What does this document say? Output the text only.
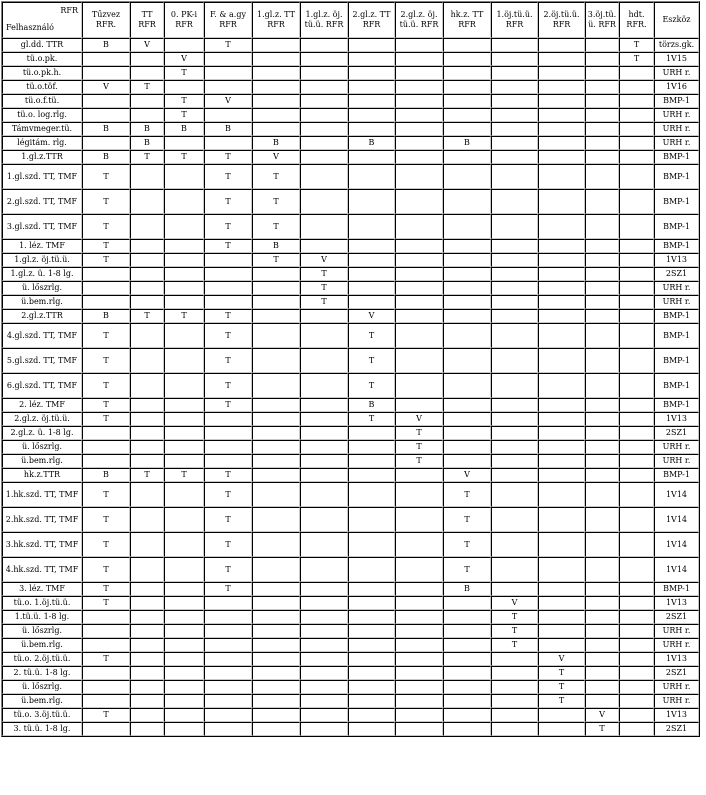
RFR
Felhasználó	Tűzvez RFR.	TT RFR	0. PK-i RFR	F. & a.gy RFR	1.gl.z. TT RFR	1.gl.z. öj. tü.ü. RFR	2.gl.z. TT RFR	2.gl.z. öj. tü.ü. RFR	hk.z. TT RFR	1.öj.tü.ü. RFR	2.öj.tü.ü. RFR	3.öj.tü. ü. RFR	hdt. RFR.	Eszköz
gl.dd. TTR	B	V		T									T	törzs.gk.
tü.o.pk.			V										T	1V15
tü.o.pk.h.			T											URH r.
tü.o.töf.	V	T												1V16
tü.o.f.tü.			T	V										BMP-1
tü.o. log.rlg.			T											URH r.
Támvmeger.tü.	B	B	B	B										URH r.
légitám. rlg.		B			B		B		B					URH r.
1.gl.z.TTR	B	T	T	T	V									BMP-1
1.gl.szd. TT, TMF	T			T	T									BMP-1
2.gl.szd. TT, TMF	T			T	T									BMP-1
3.gl.szd. TT, TMF	T			T	T									BMP-1
1. léz. TMF	T			T	B									BMP-1
1.gl.z. öj.tü.ü.	T				T	V								1V13
1.gl.z. ü. 1-8 lg.						T								2SZ1
ü. lőszrlg.						T								URH r.
ü.bem.rlg.						T								URH r.
2.gl.z.TTR	B	T	T	T			V							BMP-1
4.gl.szd. TT, TMF	T			T			T							BMP-1
5.gl.szd. TT, TMF	T			T			T							BMP-1
6.gl.szd. TT, TMF	T			T			T							BMP-1
2. léz. TMF	T			T			B							BMP-1
2.gl.z. öj.tü.ü.	T						T	V						1V13
2.gl.z. ü. 1-8 lg.								T						2SZ1
ü. lőszrlg.								T						URH r.
ü.bem.rlg.								T						URH r.
hk.z.TTR	B	T	T	T					V					BMP-1
1.hk.szd. TT, TMF	T			T					T					1V14
2.hk.szd. TT, TMF	T			T					T					1V14
3.hk.szd. TT, TMF	T			T					T					1V14
4.hk.szd. TT, TMF	T			T					T					1V14
3. léz. TMF	T			T					B					BMP-1
tü.o. 1.öj.tü.ü.	T									V				1V13
1.tü.ü. 1-8 lg.										T				2SZ1
ü. lőszrlg.										T				URH r.
ü.bem.rlg.										T				URH r.
tü.o. 2.öj.tü.ü.	T										V			1V13
2. tü.ü. 1-8 lg.											T			2SZ1
ü. lőszrlg.											T			URH r.
ü.bem.rlg.											T			URH r.
tü.o. 3.öj.tü.ü.	T											V		1V13
3. tü.ü. 1-8 lg.												T		2SZ1
